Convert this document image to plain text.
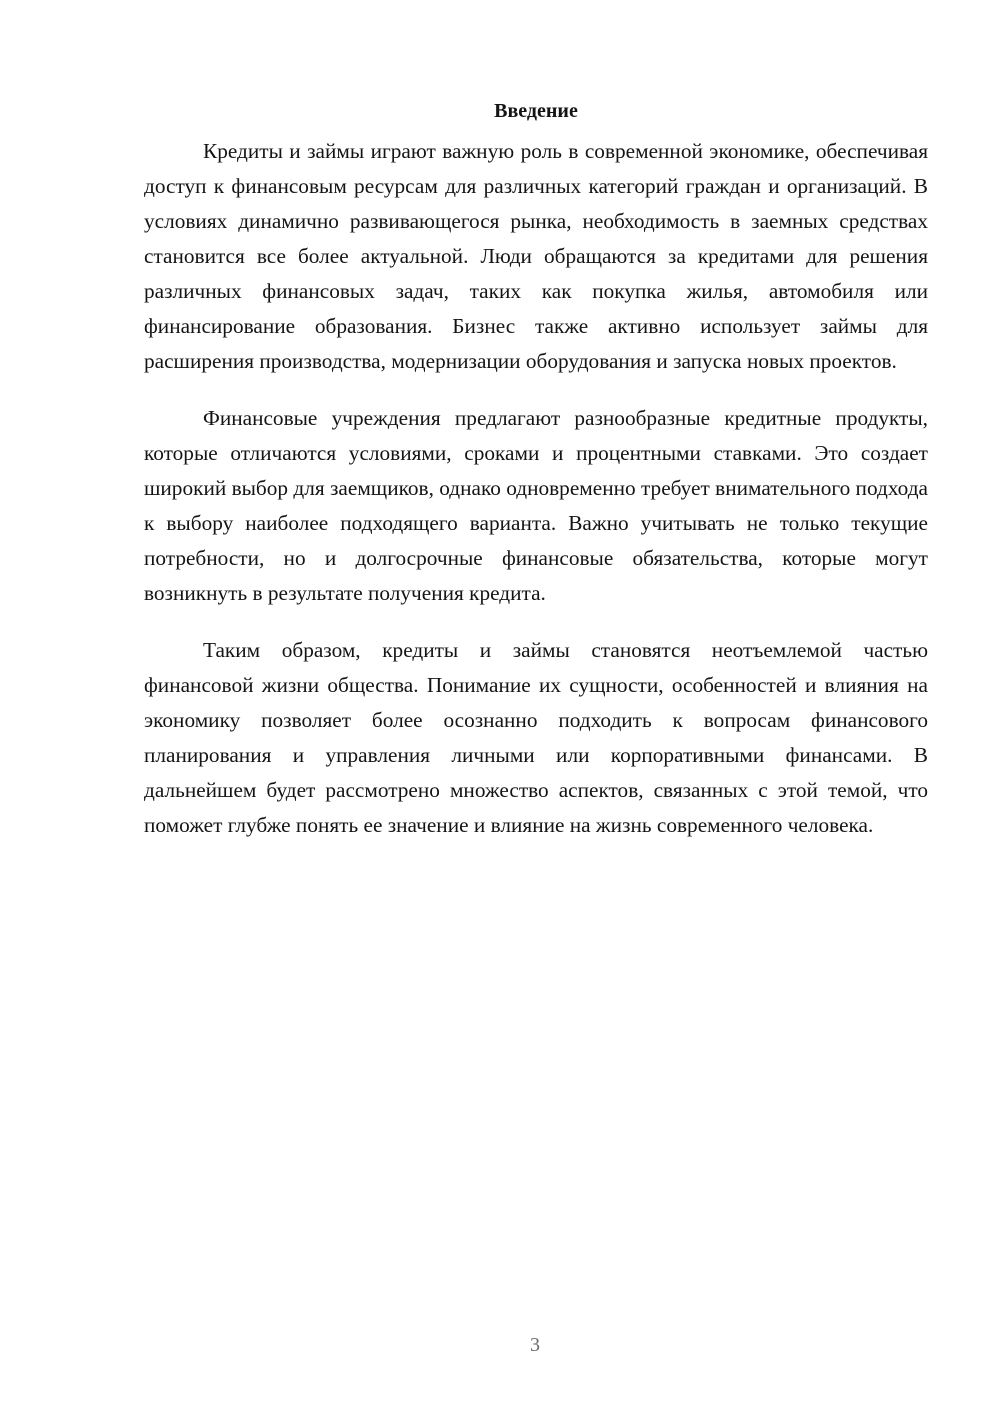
Введение

Кредиты и займы играют важную роль в современной экономике, обеспечивая доступ к финансовым ресурсам для различных категорий граждан и организаций. В условиях динамично развивающегося рынка, необходимость в заемных средствах становится все более актуальной. Люди обращаются за кредитами для решения различных финансовых задач, таких как покупка жилья, автомобиля или финансирование образования. Бизнес также активно использует займы для расширения производства, модернизации оборудования и запуска новых проектов.

Финансовые учреждения предлагают разнообразные кредитные продукты, которые отличаются условиями, сроками и процентными ставками. Это создает широкий выбор для заемщиков, однако одновременно требует внимательного подхода к выбору наиболее подходящего варианта. Важно учитывать не только текущие потребности, но и долгосрочные финансовые обязательства, которые могут возникнуть в результате получения кредита.

Таким образом, кредиты и займы становятся неотъемлемой частью финансовой жизни общества. Понимание их сущности, особенностей и влияния на экономику позволяет более осознанно подходить к вопросам финансового планирования и управления личными или корпоративными финансами. В дальнейшем будет рассмотрено множество аспектов, связанных с этой темой, что поможет глубже понять ее значение и влияние на жизнь современного человека.

3
